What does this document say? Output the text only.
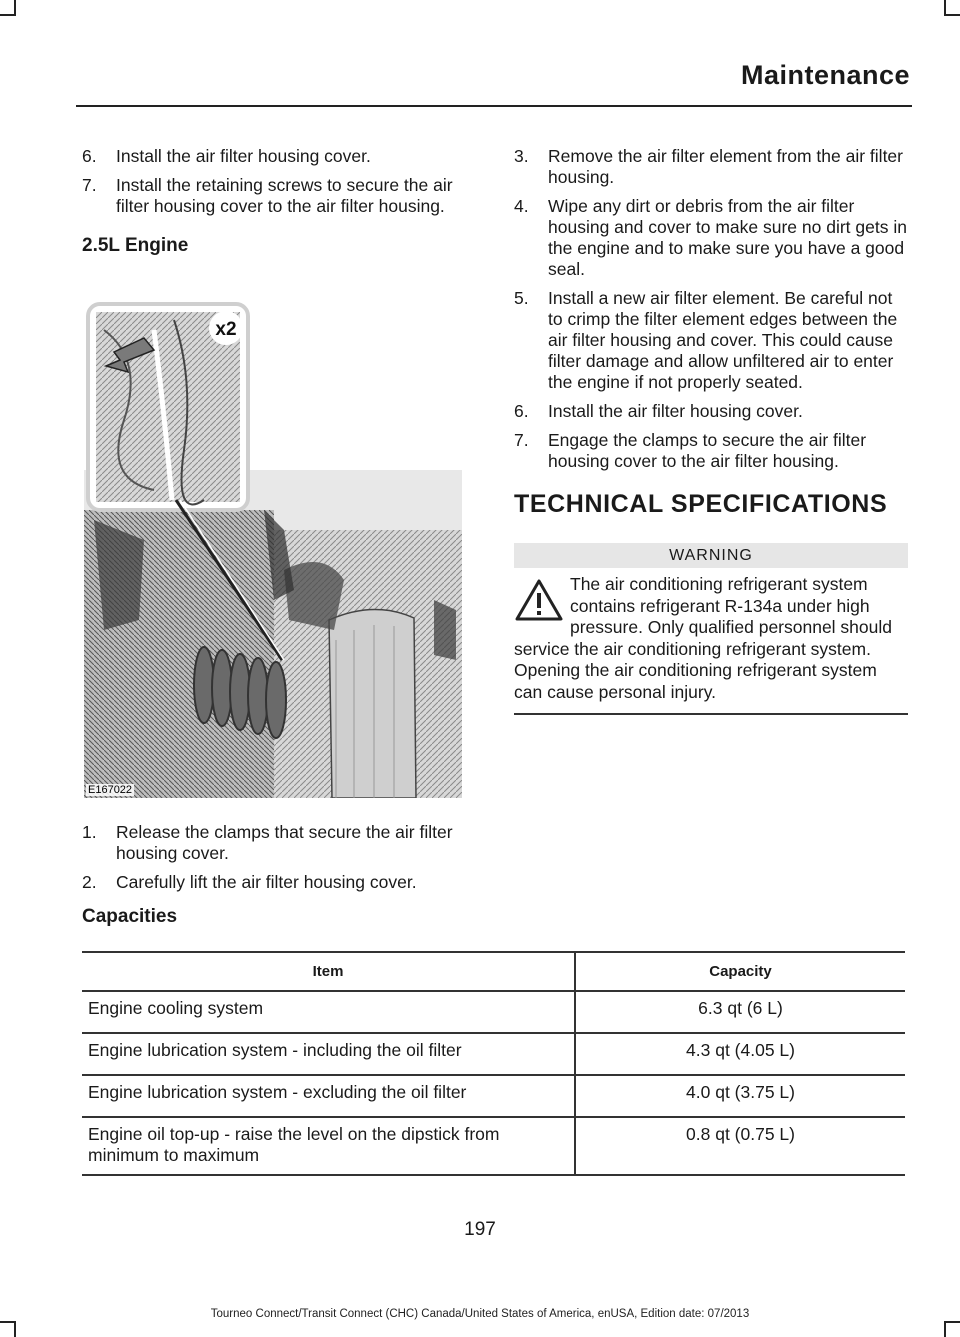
Maintenance
6. Install the air filter housing cover.
7. Install the retaining screws to secure the air filter housing cover to the air filter housing.
2.5L Engine
x2
E167022
1. Release the clamps that secure the air filter housing cover.
2. Carefully lift the air filter housing cover.
3. Remove the air filter element from the air filter housing.
4. Wipe any dirt or debris from the air filter housing and cover to make sure no dirt gets in the engine and to make sure you have a good seal.
5. Install a new air filter element. Be careful not to crimp the filter element edges between the air filter housing and cover. This could cause filter damage and allow unfiltered air to enter the engine if not properly seated.
6. Install the air filter housing cover.
7. Engage the clamps to secure the air filter housing cover to the air filter housing.
TECHNICAL SPECIFICATIONS
WARNING
The air conditioning refrigerant system contains refrigerant R-134a under high pressure. Only qualified personnel should service the air conditioning refrigerant system. Opening the air conditioning refrigerant system can cause personal injury.
Capacities
Item	Capacity
Engine cooling system	6.3 qt (6 L)
Engine lubrication system - including the oil filter	4.3 qt (4.05 L)
Engine lubrication system - excluding the oil filter	4.0 qt (3.75 L)
Engine oil top-up - raise the level on the dipstick from minimum to maximum	0.8 qt (0.75 L)
197
Tourneo Connect/Transit Connect (CHC) Canada/United States of America, enUSA, Edition date: 07/2013
